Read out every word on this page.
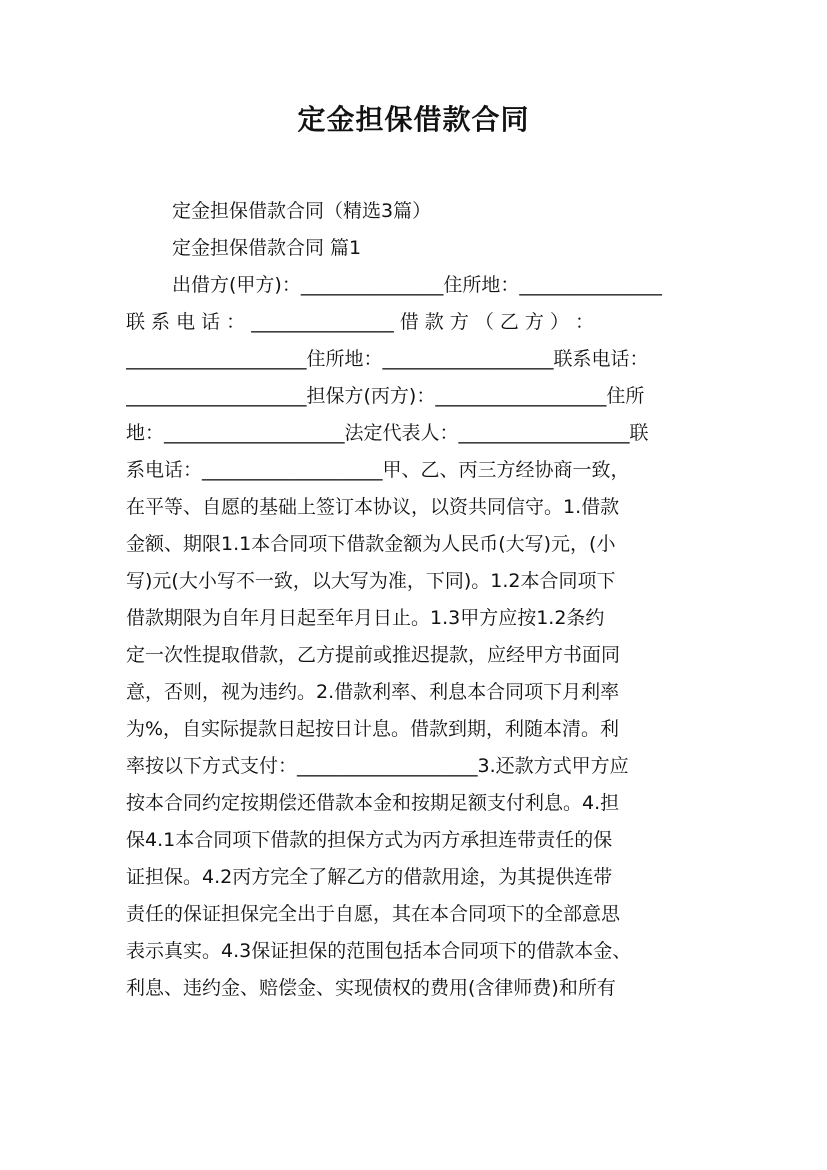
定金担保借款合同
定金担保借款合同（精选3篇）
定金担保借款合同 篇1
出借方(甲方)：_______________住所地：_______________
联 系 电 话 ： _______________ 借 款 方 （ 乙 方 ） ：
___________________住所地：__________________联系电话：
___________________担保方(丙方)：__________________住所
地：___________________法定代表人：__________________联
系电话：___________________甲、乙、丙三方经协商一致，
在平等、自愿的基础上签订本协议，以资共同信守。1.借款
金额、期限1.1本合同项下借款金额为人民币(大写)元，(小
写)元(大小写不一致，以大写为准，下同)。1.2本合同项下
借款期限为自年月日起至年月日止。1.3甲方应按1.2条约
定一次性提取借款，乙方提前或推迟提款，应经甲方书面同
意，否则，视为违约。2.借款利率、利息本合同项下月利率
为%，自实际提款日起按日计息。借款到期，利随本清。利
率按以下方式支付：___________________3.还款方式甲方应
按本合同约定按期偿还借款本金和按期足额支付利息。4.担
保4.1本合同项下借款的担保方式为丙方承担连带责任的保
证担保。4.2丙方完全了解乙方的借款用途，为其提供连带
责任的保证担保完全出于自愿，其在本合同项下的全部意思
表示真实。4.3保证担保的范围包括本合同项下的借款本金、
利息、违约金、赔偿金、实现债权的费用(含律师费)和所有
